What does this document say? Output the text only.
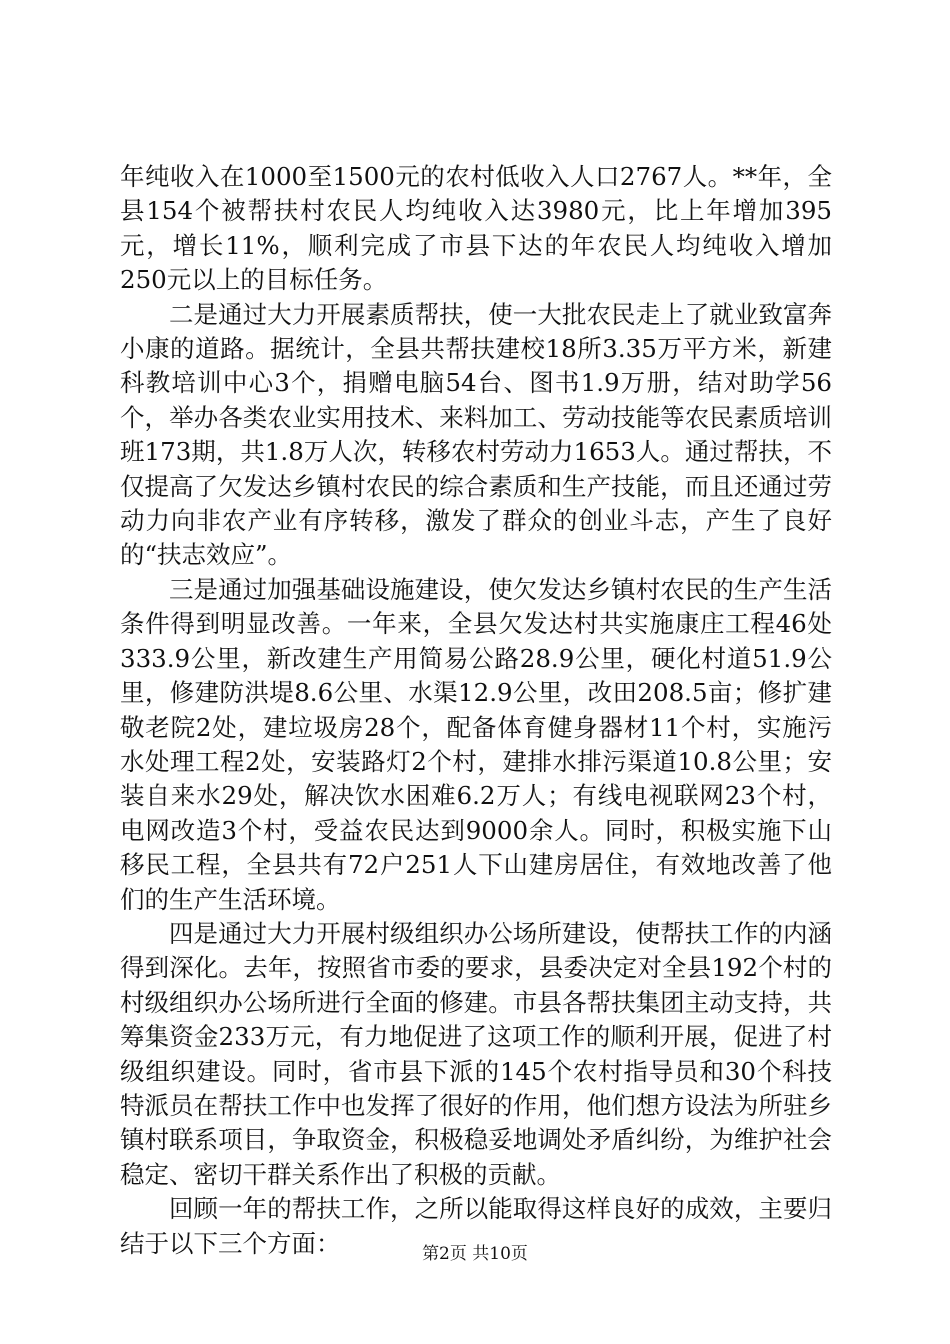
年纯收入在1000至1500元的农村低收入人口2767人。**年，全县154个被帮扶村农民人均纯收入达3980元，比上年增加395元，增长11%，顺利完成了市县下达的年农民人均纯收入增加250元以上的目标任务。

二是通过大力开展素质帮扶，使一大批农民走上了就业致富奔小康的道路。据统计，全县共帮扶建校18所3.35万平方米，新建科教培训中心3个，捐赠电脑54台、图书1.9万册，结对助学56个，举办各类农业实用技术、来料加工、劳动技能等农民素质培训班173期，共1.8万人次，转移农村劳动力1653人。通过帮扶，不仅提高了欠发达乡镇村农民的综合素质和生产技能，而且还通过劳动力向非农产业有序转移，激发了群众的创业斗志，产生了良好的“扶志效应”。

三是通过加强基础设施建设，使欠发达乡镇村农民的生产生活条件得到明显改善。一年来，全县欠发达村共实施康庄工程46处333.9公里，新改建生产用简易公路28.9公里，硬化村道51.9公里，修建防洪堤8.6公里、水渠12.9公里，改田208.5亩；修扩建敬老院2处，建垃圾房28个，配备体育健身器材11个村，实施污水处理工程2处，安装路灯2个村，建排水排污渠道10.8公里；安装自来水29处，解决饮水困难6.2万人；有线电视联网23个村，电网改造3个村，受益农民达到9000余人。同时，积极实施下山移民工程，全县共有72户251人下山建房居住，有效地改善了他们的生产生活环境。

四是通过大力开展村级组织办公场所建设，使帮扶工作的内涵得到深化。去年，按照省市委的要求，县委决定对全县192个村的村级组织办公场所进行全面的修建。市县各帮扶集团主动支持，共筹集资金233万元，有力地促进了这项工作的顺利开展，促进了村级组织建设。同时，省市县下派的145个农村指导员和30个科技特派员在帮扶工作中也发挥了很好的作用，他们想方设法为所驻乡镇村联系项目，争取资金，积极稳妥地调处矛盾纠纷，为维护社会稳定、密切干群关系作出了积极的贡献。

回顾一年的帮扶工作，之所以能取得这样良好的成效，主要归结于以下三个方面：	第2页 共10页
